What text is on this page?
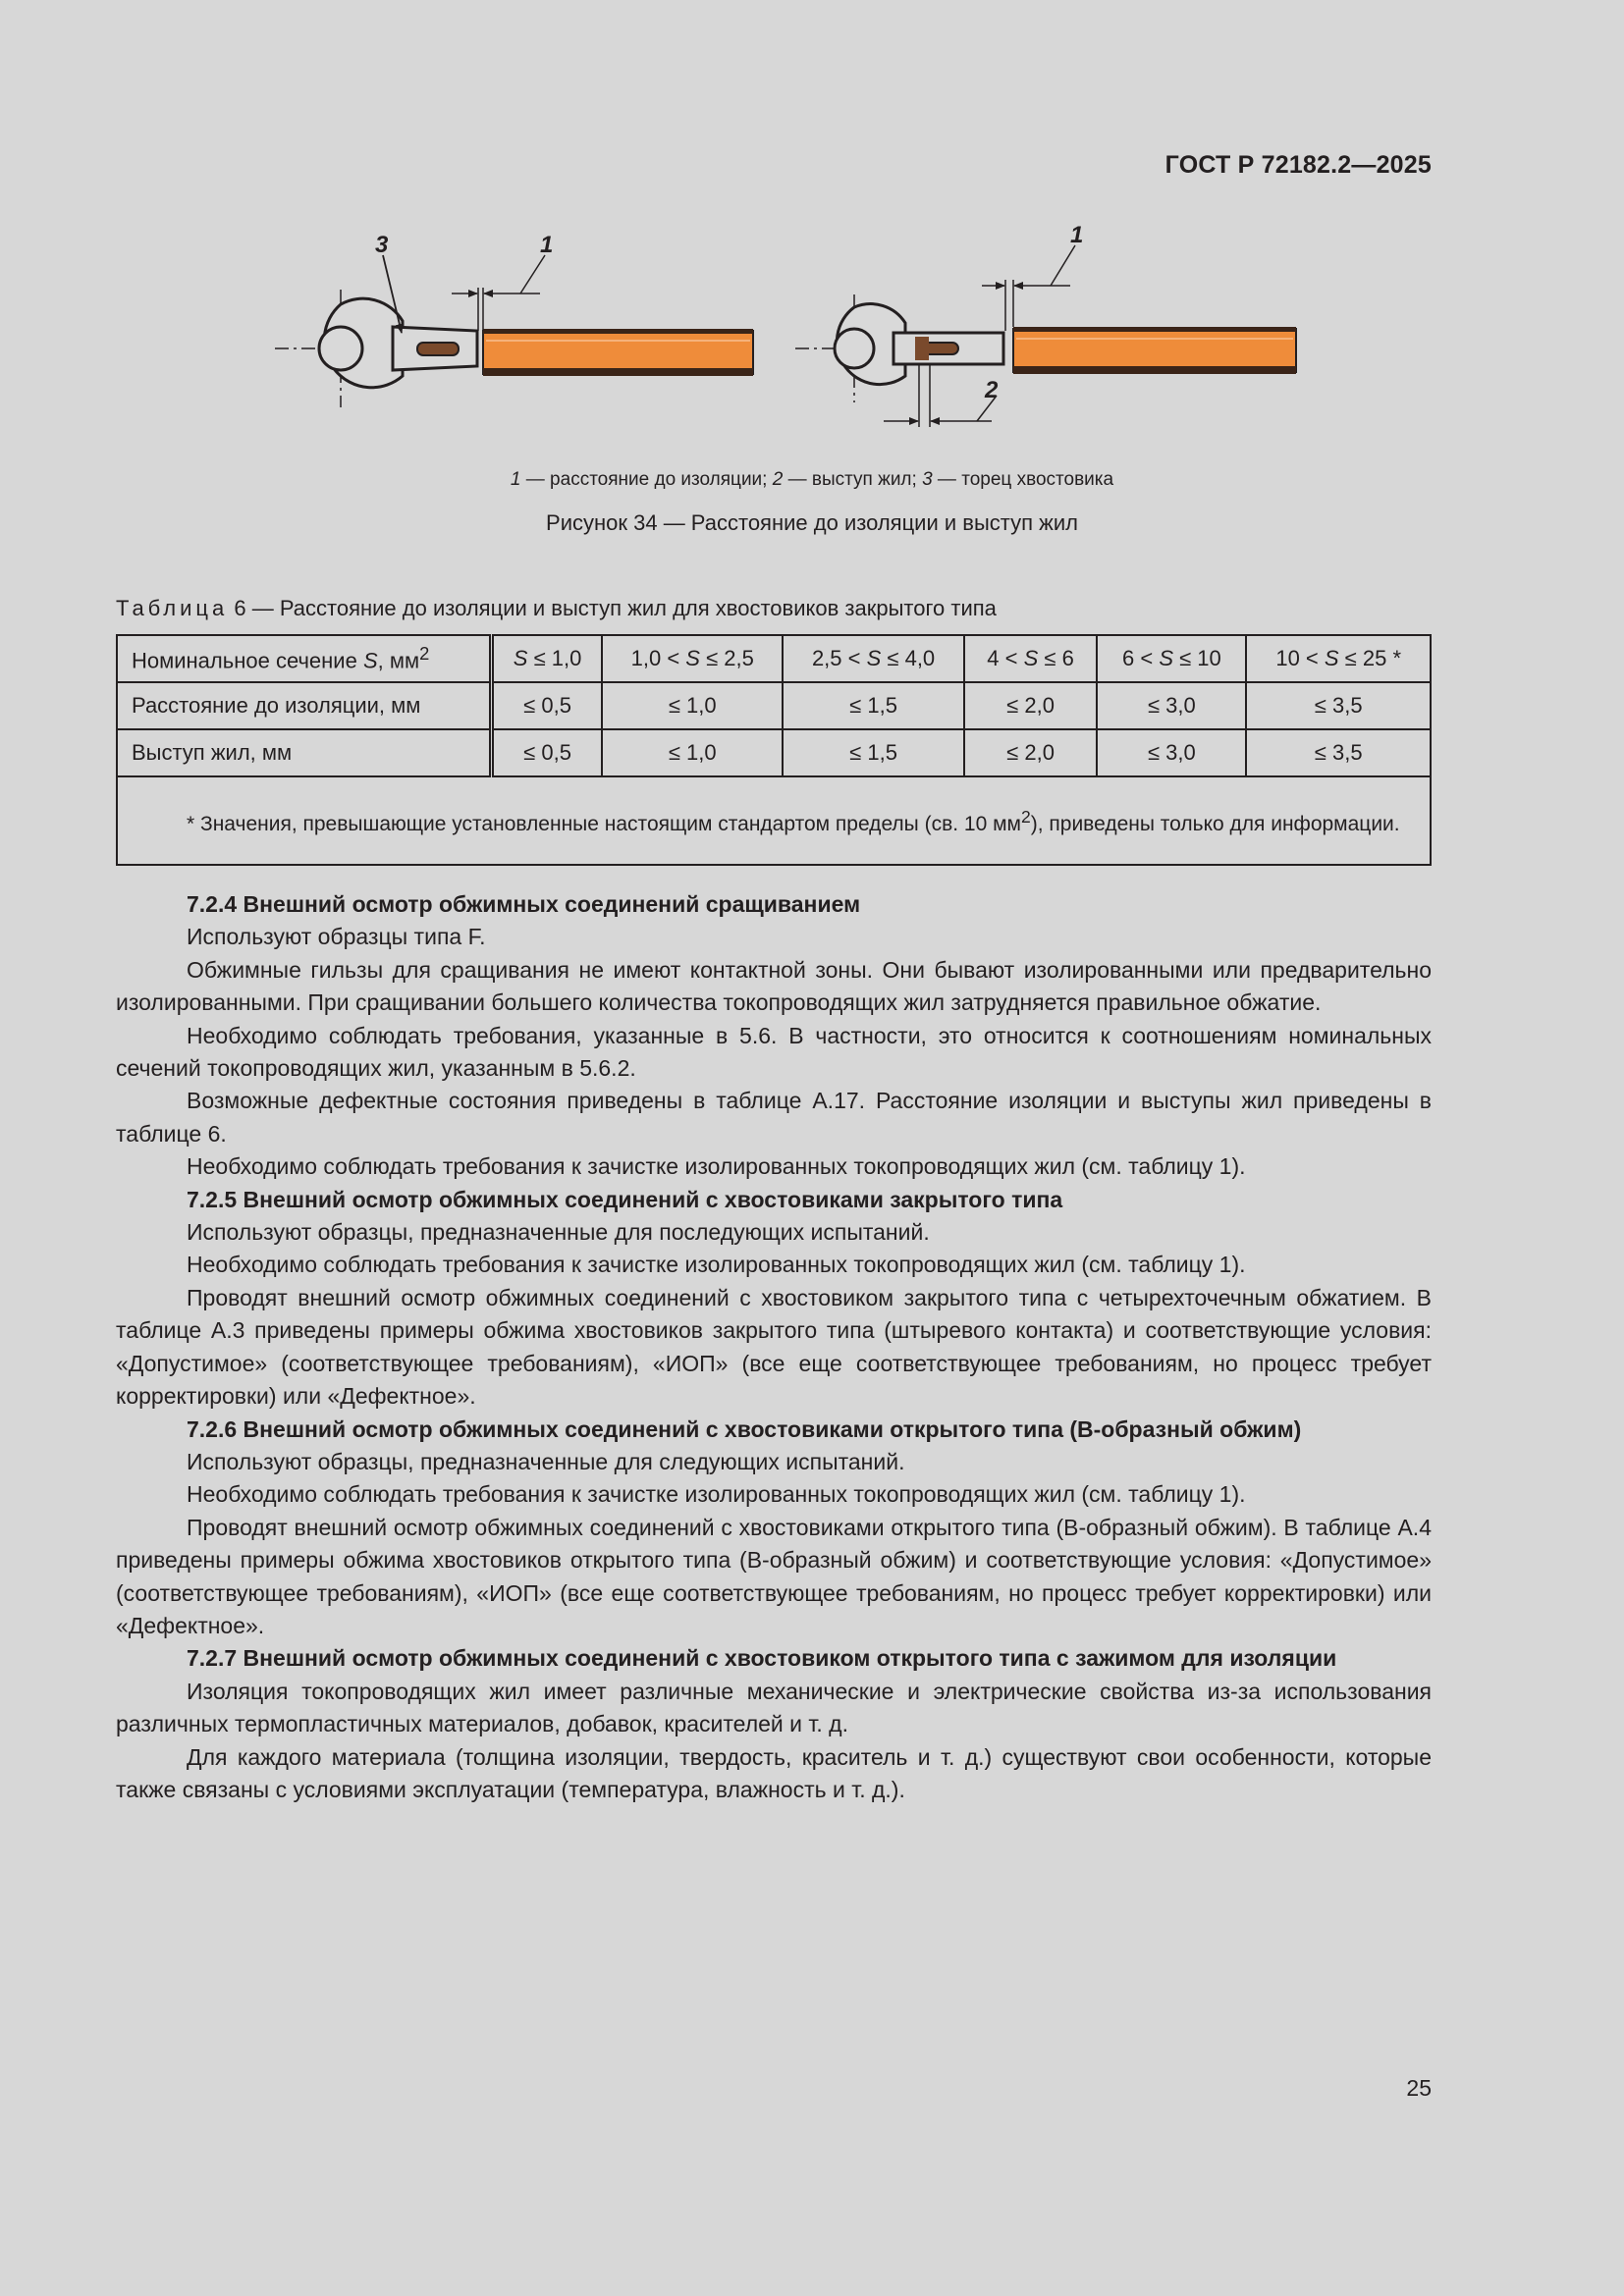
ГОСТ Р 72182.2—2025
3	1	1
2
1 — расстояние до изоляции; 2 — выступ жил; 3 — торец хвостовика
Рисунок 34 — Расстояние до изоляции и выступ жил
Таблица 6 — Расстояние до изоляции и выступ жил для хвостовиков закрытого типа
Номинальное сечение S, $мм^2$	S ≤ 1,0	1,0 < S ≤ 2,5	2,5 < S ≤ 4,0	4 < S ≤ 6	6 < S ≤ 10	10 < S ≤ 25 *
Расстояние до изоляции, мм	≤ 0,5	≤ 1,0	≤ 1,5	≤ 2,0	≤ 3,0	≤ 3,5
Выступ жил, мм	≤ 0,5	≤ 1,0	≤ 1,5	≤ 2,0	≤ 3,0	≤ 3,5
* Значения, превышающие установленные настоящим стандартом пределы (св. 10 $мм^2$), приведены только для информации.						

7.2.4 Внешний осмотр обжимных соединений сращиванием

Используют образцы типа F.

Обжимные гильзы для сращивания не имеют контактной зоны. Они бывают изолированными или предварительно изолированными. При сращивании большего количества токопроводящих жил затрудняется правильное обжатие.

Необходимо соблюдать требования, указанные в 5.6. В частности, это относится к соотношениям номинальных сечений токопроводящих жил, указанным в 5.6.2.

Возможные дефектные состояния приведены в таблице А.17. Расстояние изоляции и выступы жил приведены в таблице 6.

Необходимо соблюдать требования к зачистке изолированных токопроводящих жил (см. таблицу 1).

7.2.5 Внешний осмотр обжимных соединений с хвостовиками закрытого типа

Используют образцы, предназначенные для последующих испытаний.

Необходимо соблюдать требования к зачистке изолированных токопроводящих жил (см. таблицу 1).

Проводят внешний осмотр обжимных соединений с хвостовиком закрытого типа с четырехточечным обжатием. В таблице А.3 приведены примеры обжима хвостовиков закрытого типа (штыревого контакта) и соответствующие условия: «Допустимое» (соответствующее требованиям), «ИОП» (все еще соответствующее требованиям, но процесс требует корректировки) или «Дефектное».

7.2.6 Внешний осмотр обжимных соединений с хвостовиками открытого типа (В-образный обжим)

Используют образцы, предназначенные для следующих испытаний.

Необходимо соблюдать требования к зачистке изолированных токопроводящих жил (см. таблицу 1).

Проводят внешний осмотр обжимных соединений с хвостовиками открытого типа (В-образный обжим). В таблице А.4 приведены примеры обжима хвостовиков открытого типа (В-образный обжим) и соответствующие условия: «Допустимое» (соответствующее требованиям), «ИОП» (все еще соответствующее требованиям, но процесс требует корректировки) или «Дефектное».

7.2.7 Внешний осмотр обжимных соединений с хвостовиком открытого типа с зажимом для изоляции

Изоляция токопроводящих жил имеет различные механические и электрические свойства из-за использования различных термопластичных материалов, добавок, красителей и т. д.

Для каждого материала (толщина изоляции, твердость, краситель и т. д.) существуют свои особенности, которые также связаны с условиями эксплуатации (температура, влажность и т. д.).

25
